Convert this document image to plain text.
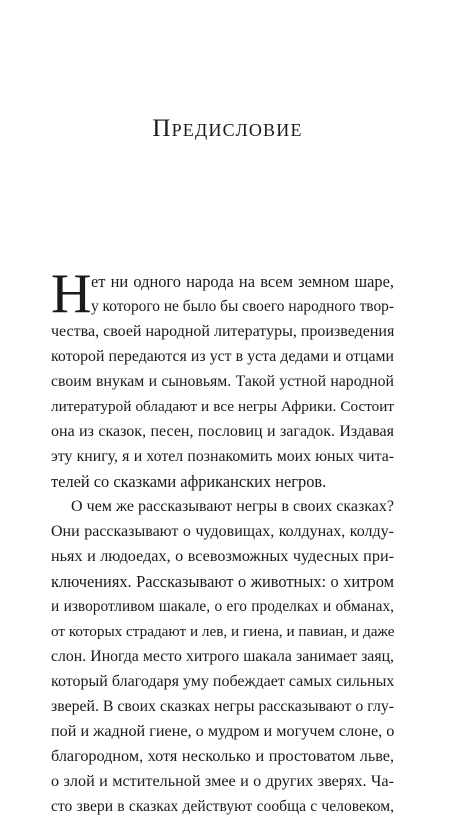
Предисловие
Н ет ни одного народа на всем земном шаре,
у которого не было бы своего народного твор-
чества, своей народной литературы, произведения
которой передаются из уст в уста дедами и отцами
своим внукам и сыновьям. Такой устной народной
литературой обладают и все негры Африки. Состоит
она из сказок, песен, пословиц и загадок. Издавая
эту книгу, я и хотел познакомить моих юных чита-
телей со сказками африканских негров.
О чем же рассказывают негры в своих сказках?
Они рассказывают о чудовищах, колдунах, колду-
ньях и людоедах, о всевозможных чудесных при-
ключениях. Рассказывают о животных: о хитром
и изворотливом шакале, о его проделках и обманах,
от которых страдают и лев, и гиена, и павиан, и даже
слон. Иногда место хитрого шакала занимает заяц,
который благодаря уму побеждает самых сильных
зверей. В своих сказках негры рассказывают о глу-
пой и жадной гиене, о мудром и могучем слоне, о
благородном, хотя несколько и простоватом льве,
о злой и мстительной змее и о других зверях. Ча-
сто звери в сказках действуют сообща с человеком,
